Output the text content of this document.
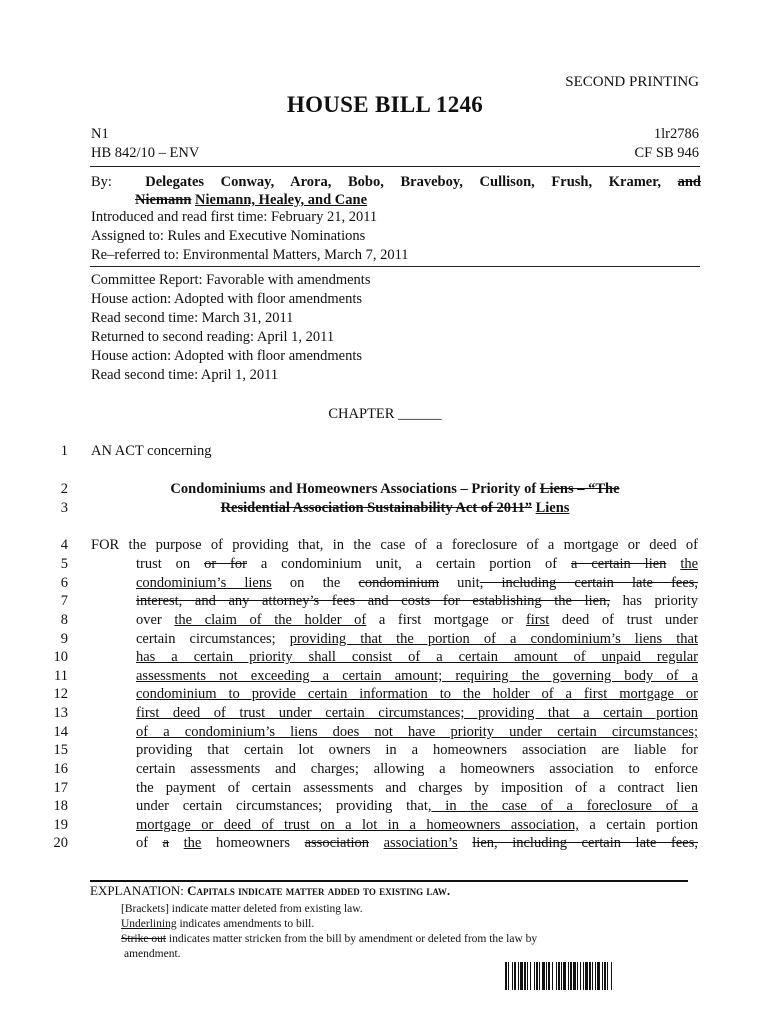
SECOND PRINTING
HOUSE BILL 1246
N1	1lr2786
HB 842/10 – ENV	CF SB 946
By: Delegates Conway, Arora, Bobo, Braveboy, Cullison, Frush, Kramer, and
Niemann Niemann, Healey, and Cane
Introduced and read first time: February 21, 2011
Assigned to: Rules and Executive Nominations
Re–referred to: Environmental Matters, March 7, 2011
Committee Report: Favorable with amendments
House action: Adopted with floor amendments
Read second time: March 31, 2011
Returned to second reading: April 1, 2011
House action: Adopted with floor amendments
Read second time: April 1, 2011
CHAPTER ______
1
2
3
4
5
6
7
8
9
10
11
12
13
14
15
16
17
18
19
20
AN ACT concerning
Condominiums and Homeowners Associations – Priority of Liens – “The
Residential Association Sustainability Act of 2011” Liens
FOR the purpose of providing that, in the case of a foreclosure of a mortgage or deed of
trust on or for a condominium unit, a certain portion of a certain lien the
condominium’s liens on the condominium unit, including certain late fees,
interest, and any attorney’s fees and costs for establishing the lien, has priority
over the claim of the holder of a first mortgage or first deed of trust under
certain circumstances; providing that the portion of a condominium’s liens that
has a certain priority shall consist of a certain amount of unpaid regular
assessments not exceeding a certain amount; requiring the governing body of a
condominium to provide certain information to the holder of a first mortgage or
first deed of trust under certain circumstances; providing that a certain portion
of a condominium’s liens does not have priority under certain circumstances;
providing that certain lot owners in a homeowners association are liable for
certain assessments and charges; allowing a homeowners association to enforce
the payment of certain assessments and charges by imposition of a contract lien
under certain circumstances; providing that, in the case of a foreclosure of a
mortgage or deed of trust on a lot in a homeowners association, a certain portion
of a the homeowners association association’s lien, including certain late fees,
EXPLANATION: Capitals indicate matter added to existing law.
[Brackets] indicate matter deleted from existing law.
Underlining indicates amendments to bill.
Strike out indicates matter stricken from the bill by amendment or deleted from the law by
amendment.
